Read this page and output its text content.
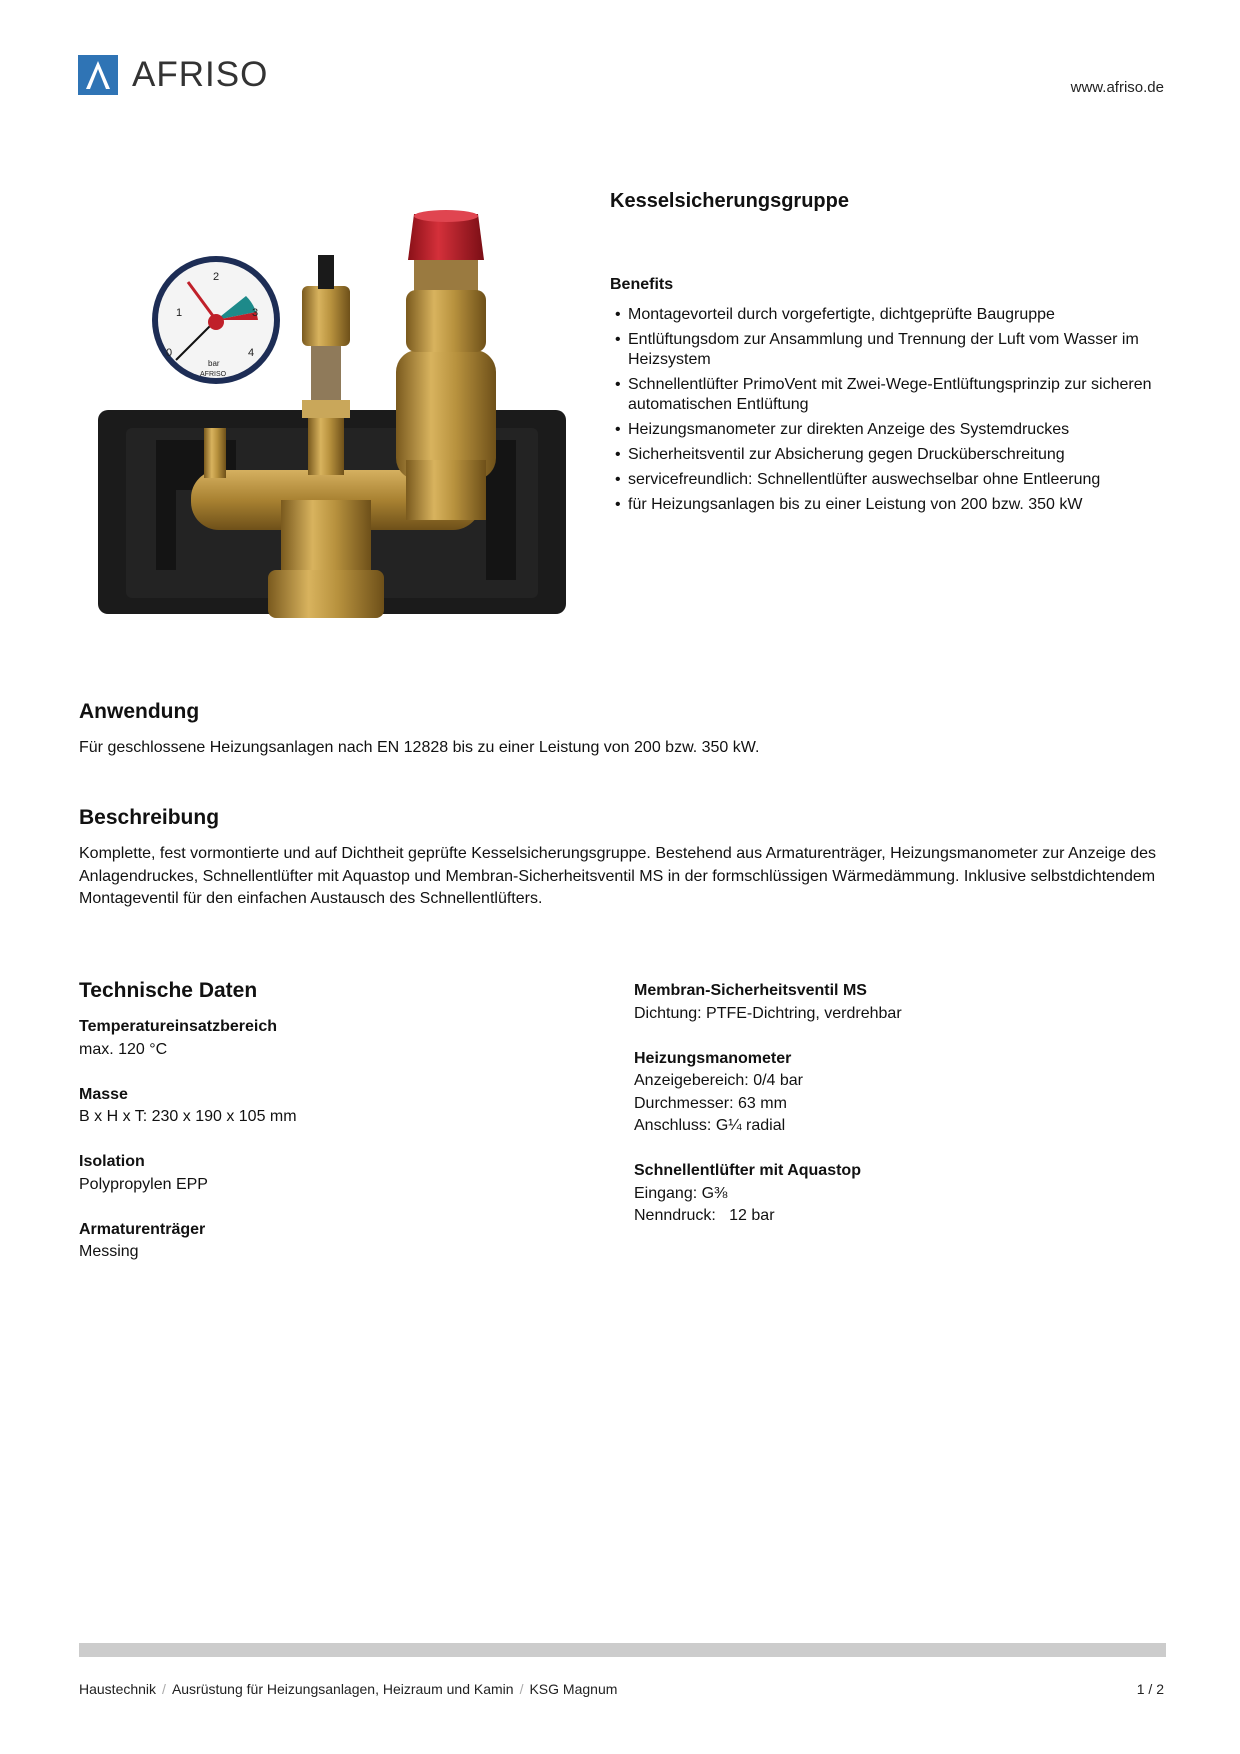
AFRISO	www.afriso.de
0
1
2
3
4
bar
AFRISO
Kesselsicherungsgruppe
Benefits
• Montagevorteil durch vorgefertigte, dichtgeprüfte Baugruppe
• Entlüftungsdom zur Ansammlung und Trennung der Luft vom Wasser im Heizsystem
• Schnellentlüfter PrimoVent mit Zwei-Wege-Entlüftungsprinzip zur sicheren automatischen Entlüftung
• Heizungsmanometer zur direkten Anzeige des Systemdruckes
• Sicherheitsventil zur Absicherung gegen Drucküberschreitung
• servicefreundlich: Schnellentlüfter auswechselbar ohne Entleerung
• für Heizungsanlagen bis zu einer Leistung von 200 bzw. 350 kW
Anwendung
Für geschlossene Heizungsanlagen nach EN 12828 bis zu einer Leistung von 200 bzw. 350 kW.
Beschreibung
Komplette, fest vormontierte und auf Dichtheit geprüfte Kesselsicherungsgruppe. Bestehend aus Armaturenträger, Heizungsmanometer zur Anzeige des Anlagendruckes, Schnellentlüfter mit Aquastop und Membran-Sicherheitsventil MS in der formschlüssigen Wärmedämmung. Inklusive selbstdichtendem Montageventil für den einfachen Austausch des Schnellentlüfters.
Technische Daten
Temperatureinsatzbereich
max. 120 °C
Masse
B x H x T: 230 x 190 x 105 mm
Isolation
Polypropylen EPP
Armaturenträger
Messing
Membran-Sicherheitsventil MS
Dichtung: PTFE-Dichtring, verdrehbar
Heizungsmanometer
Anzeigebereich: 0/4 bar
Durchmesser: 63 mm
Anschluss: G¼ radial
Schnellentlüfter mit Aquastop
Eingang: G⅜
Nenndruck:   12 bar
Haustechnik / Ausrüstung für Heizungsanlagen, Heizraum und Kamin / KSG Magnum	1 / 2
